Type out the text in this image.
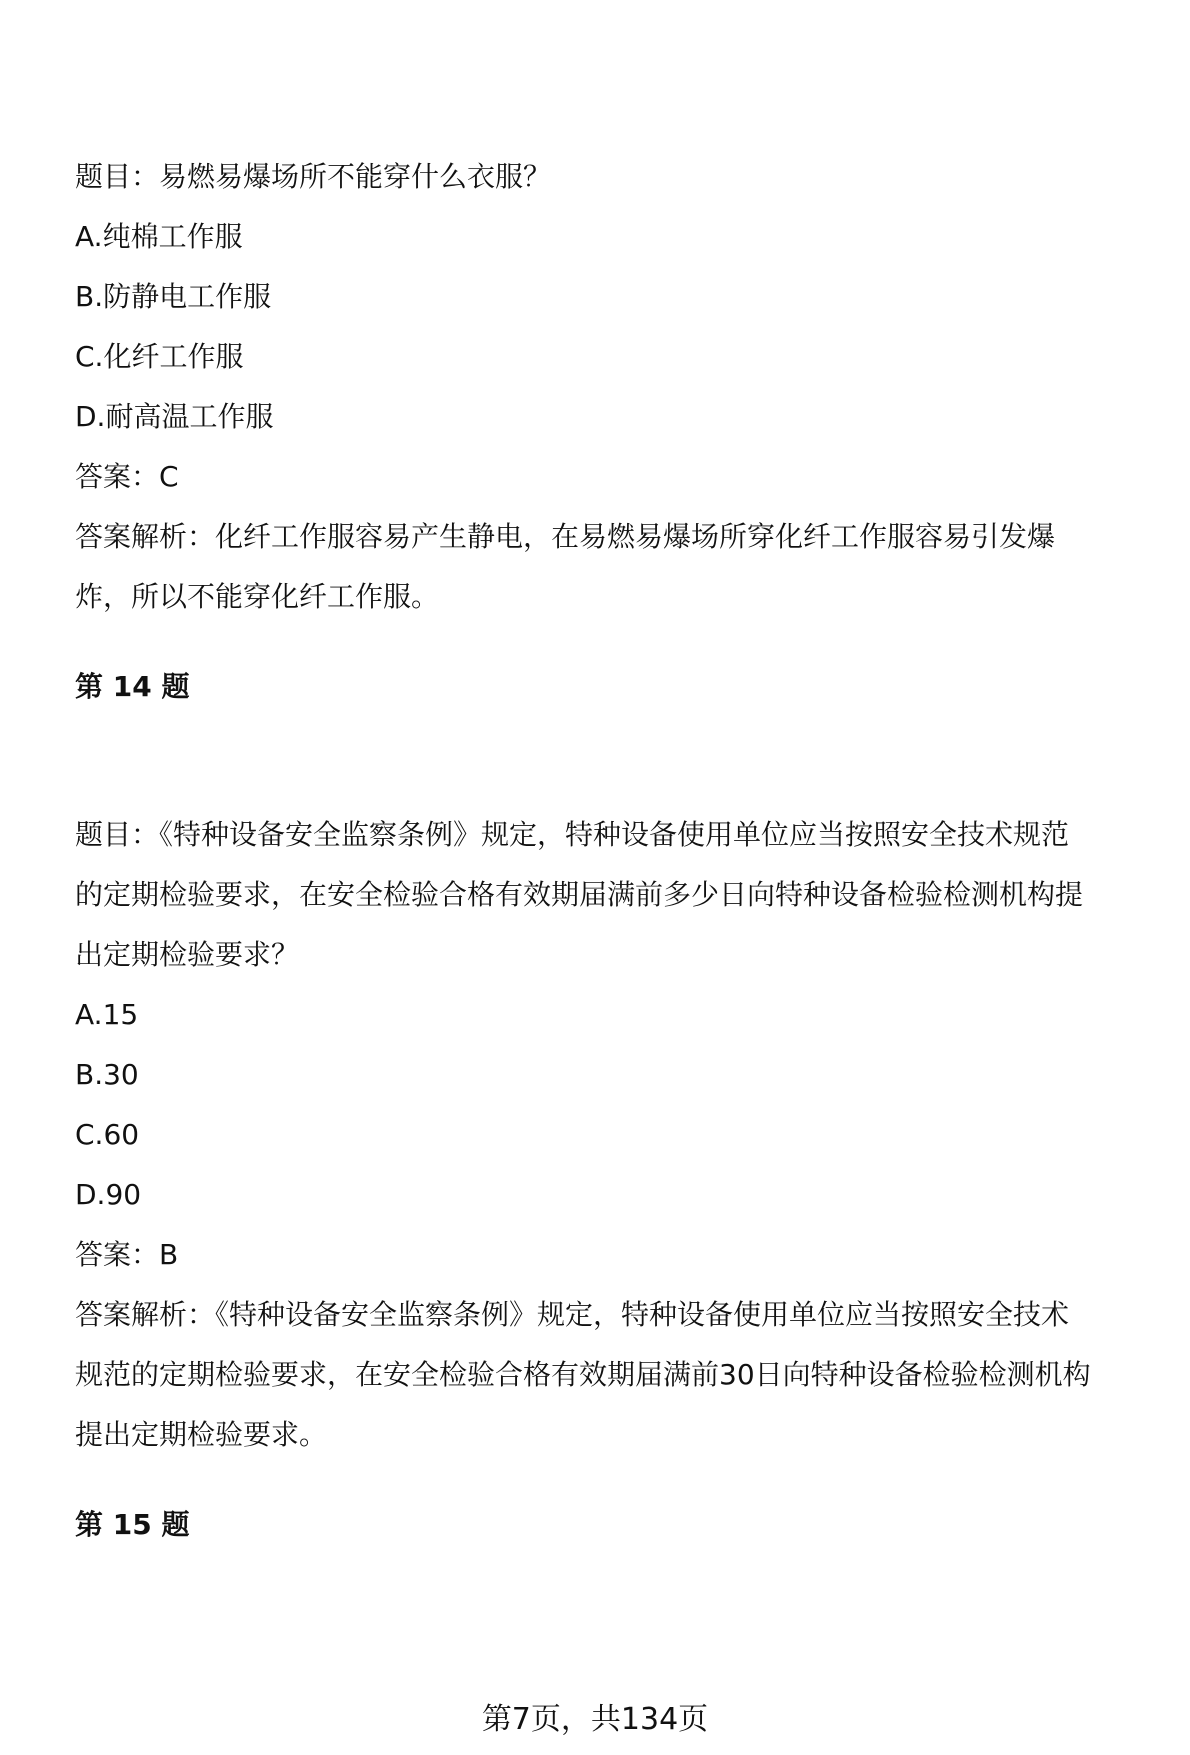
题目：易燃易爆场所不能穿什么衣服？
A.纯棉工作服
B.防静电工作服
C.化纤工作服
D.耐高温工作服
答案：C
答案解析：化纤工作服容易产生静电，在易燃易爆场所穿化纤工作服容易引发爆
炸，所以不能穿化纤工作服。
第 14 题
题目：《特种设备安全监察条例》规定，特种设备使用单位应当按照安全技术规范
的定期检验要求，在安全检验合格有效期届满前多少日向特种设备检验检测机构提
出定期检验要求？
A.15
B.30
C.60
D.90
答案：B
答案解析：《特种设备安全监察条例》规定，特种设备使用单位应当按照安全技术
规范的定期检验要求，在安全检验合格有效期届满前30日向特种设备检验检测机构
提出定期检验要求。
第 15 题
第7页，共134页
